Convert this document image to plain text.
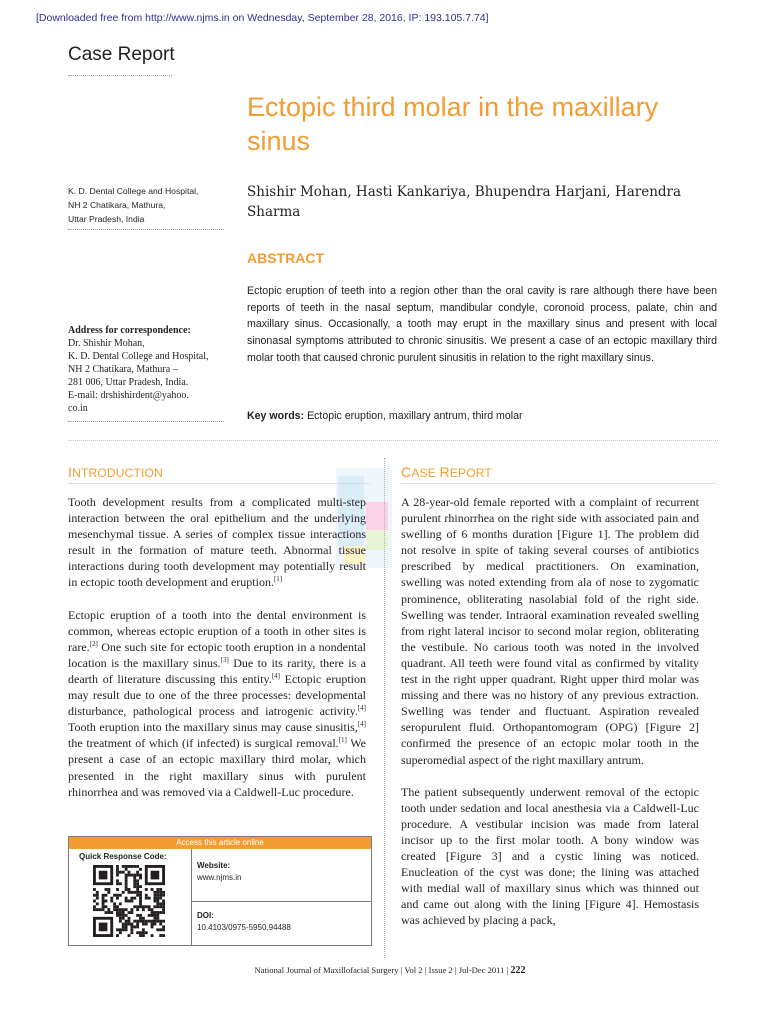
[Downloaded free from http://www.njms.in on Wednesday, September 28, 2016, IP: 193.105.7.74]
Case Report
Ectopic third molar in the maxillary sinus
Shishir Mohan, Hasti Kankariya, Bhupendra Harjani, Harendra Sharma
K. D. Dental College and Hospital,
NH 2 Chatikara, Mathura,
Uttar Pradesh, India
ABSTRACT
Ectopic eruption of teeth into a region other than the oral cavity is rare although there have been reports of teeth in the nasal septum, mandibular condyle, coronoid process, palate, chin and maxillary sinus. Occasionally, a tooth may erupt in the maxillary sinus and present with local sinonasal symptoms attributed to chronic sinusitis. We present a case of an ectopic maxillary third molar tooth that caused chronic purulent sinusitis in relation to the right maxillary sinus.
Address for correspondence:
Dr. Shishir Mohan,
K. D. Dental College and Hospital,
NH 2 Chatikara, Mathura –
281 006, Uttar Pradesh, India.
E-mail: drshishirdent@yahoo.
co.in
Key words: Ectopic eruption, maxillary antrum, third molar
INTRODUCTION

Tooth development results from a complicated multi-step interaction between the oral epithelium and the underlying mesenchymal tissue. A series of complex tissue interactions result in the formation of mature teeth. Abnormal tissue interactions during tooth development may potentially result in ectopic tooth development and eruption.[1]

Ectopic eruption of a tooth into the dental environment is common, whereas ectopic eruption of a tooth in other sites is rare.[2] One such site for ectopic tooth eruption in a nondental location is the maxillary sinus.[3] Due to its rarity, there is a dearth of literature discussing this entity.[4] Ectopic eruption may result due to one of the three processes: developmental disturbance, pathological process and iatrogenic activity.[4] Tooth eruption into the maxillary sinus may cause sinusitis,[4] the treatment of which (if infected) is surgical removal.[1] We present a case of an ectopic maxillary third molar, which presented in the right maxillary sinus with purulent rhinorrhea and was removed via a Caldwell-Luc procedure.

CASE REPORT

A 28-year-old female reported with a complaint of recurrent purulent rhinorrhea on the right side with associated pain and swelling of 6 months duration [Figure 1]. The problem did not resolve in spite of taking several courses of antibiotics prescribed by medical practitioners. On examination, swelling was noted extending from ala of nose to zygomatic prominence, obliterating nasolabial fold of the right side. Swelling was tender. Intraoral examination revealed swelling from right lateral incisor to second molar region, obliterating the vestibule. No carious tooth was noted in the involved quadrant. All teeth were found vital as confirmed by vitality test in the right upper quadrant. Right upper third molar was missing and there was no history of any previous extraction. Swelling was tender and fluctuant. Aspiration revealed seropurulent fluid. Orthopantomogram (OPG) [Figure 2] confirmed the presence of an ectopic molar tooth in the superomedial aspect of the right maxillary antrum.

The patient subsequently underwent removal of the ectopic tooth under sedation and local anesthesia via a Caldwell-Luc procedure. A vestibular incision was made from lateral incisor up to the first molar tooth. A bony window was created [Figure 3] and a cystic lining was noticed. Enucleation of the cyst was done; the lining was attached with medial wall of maxillary sinus which was thinned out and came out along with the lining [Figure 4]. Hemostasis was achieved by placing a pack,

Access this article online
Quick Response Code:
Website:
www.njms.in
DOI:
10.4103/0975-5950.94488
National Journal of Maxillofacial Surgery | Vol 2 | Issue 2 | Jul-Dec 2011 | 222
